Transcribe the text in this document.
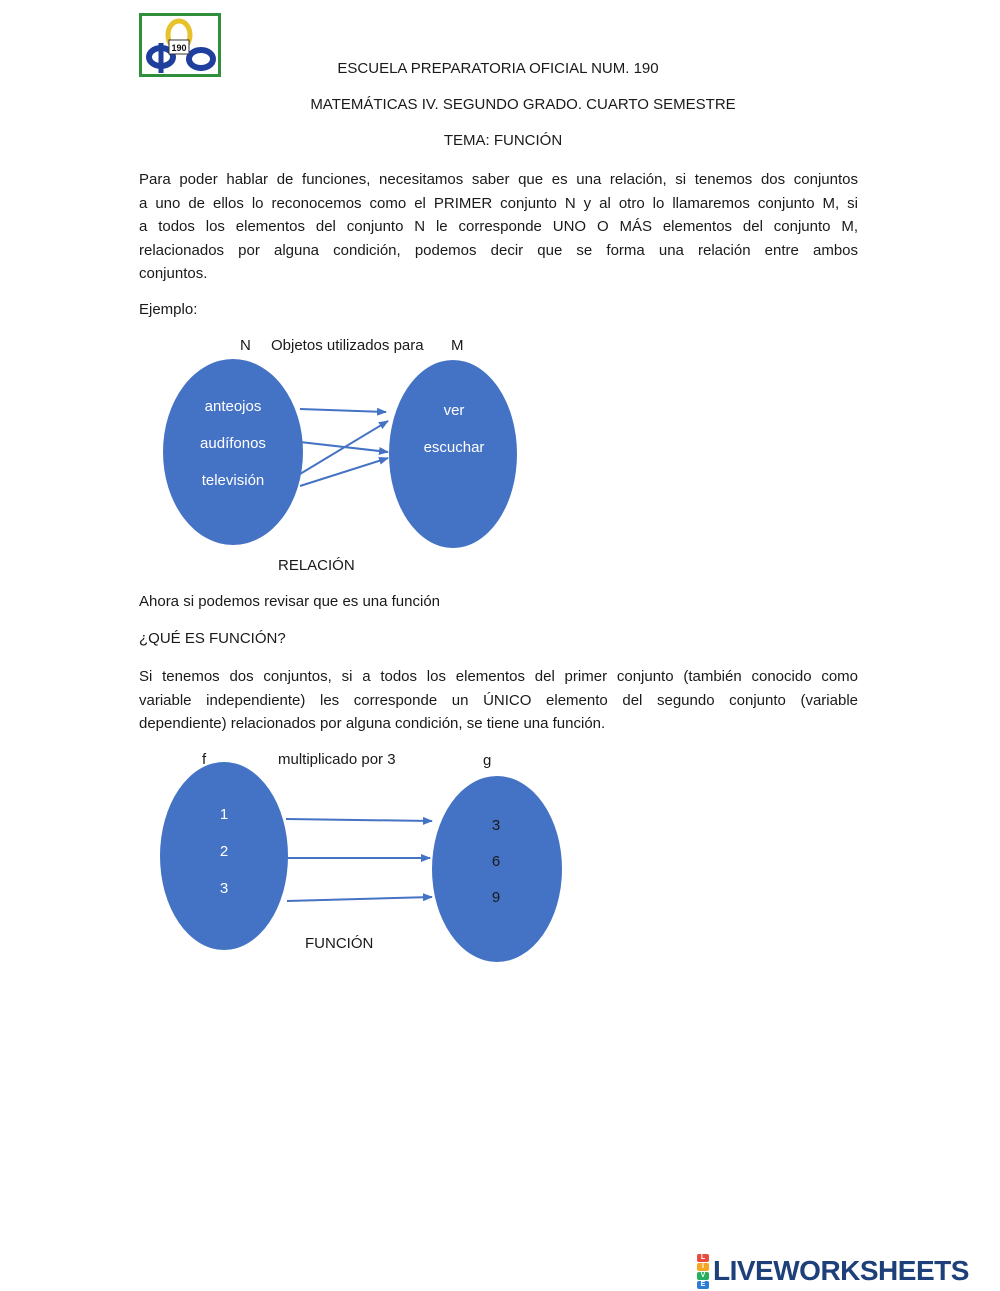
190
ESCUELA PREPARATORIA OFICIAL NUM. 190
MATEMÁTICAS IV. SEGUNDO GRADO. CUARTO SEMESTRE
TEMA: FUNCIÓN
Para poder hablar de funciones, necesitamos saber que es una relación, si tenemos dos conjuntos
a uno de ellos lo reconocemos como el PRIMER conjunto N y al otro lo llamaremos conjunto M, si
a todos los elementos del conjunto N le corresponde UNO O MÁS elementos del conjunto M,
relacionados por alguna condición, podemos decir que se forma una relación entre ambos
conjuntos.
Ejemplo:
N Objetos utilizados para M
anteojos
audífonos
televisión
ver
escuchar
RELACIÓN
Ahora si podemos revisar que es una función
¿QUÉ ES FUNCIÓN?
Si tenemos dos conjuntos, si a todos los elementos del primer conjunto (también conocido como
variable independiente) les corresponde un ÚNICO elemento del segundo conjunto (variable
dependiente) relacionados por alguna condición, se tiene una función.
f	multiplicado por 3	g
1
2
3
3
6
9
FUNCIÓN
L
I
V
E LIVEWORKSHEETS
